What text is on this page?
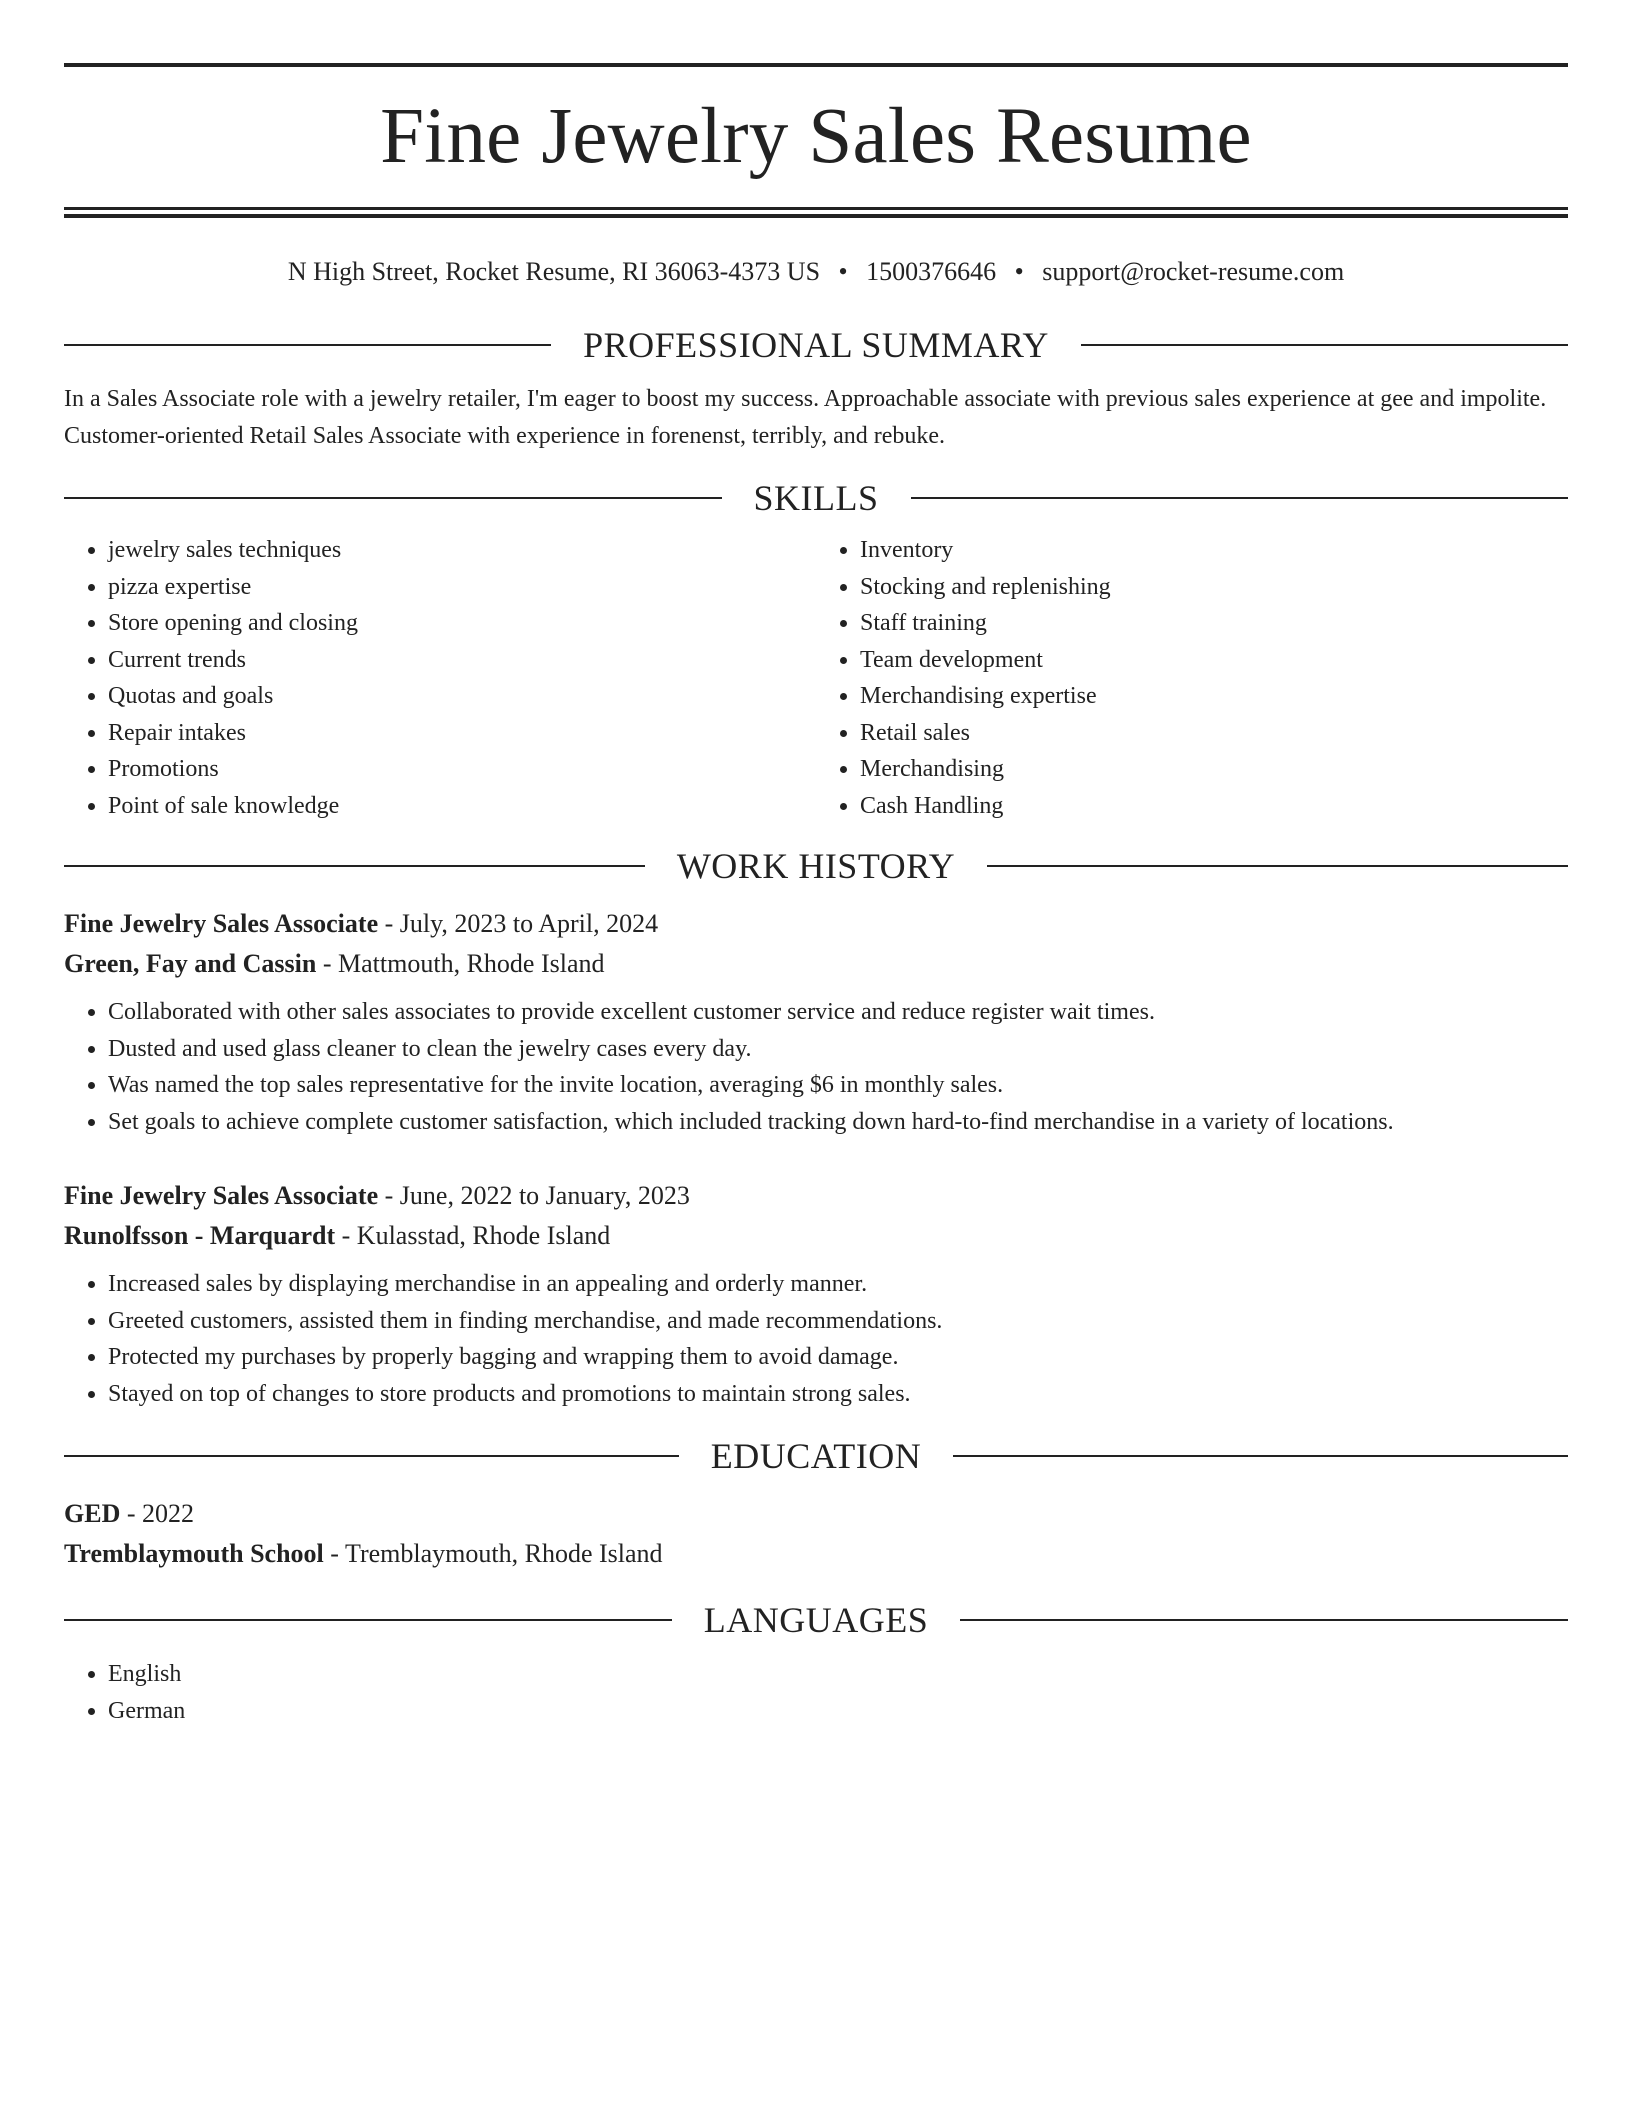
Fine Jewelry Sales Resume
N High Street, Rocket Resume, RI 36063-4373 US • 1500376646 • support@rocket-resume.com
PROFESSIONAL SUMMARY

In a Sales Associate role with a jewelry retailer, I'm eager to boost my success. Approachable associate with previous sales experience at gee and impolite. Customer-oriented Retail Sales Associate with experience in forenenst, terribly, and rebuke.

SKILLS
• jewelry sales techniques
• pizza expertise
• Store opening and closing
• Current trends
• Quotas and goals
• Repair intakes
• Promotions
• Point of sale knowledge
• Inventory
• Stocking and replenishing
• Staff training
• Team development
• Merchandising expertise
• Retail sales
• Merchandising
• Cash Handling
WORK HISTORY
Fine Jewelry Sales Associate - July, 2023 to April, 2024
Green, Fay and Cassin - Mattmouth, Rhode Island
• Collaborated with other sales associates to provide excellent customer service and reduce register wait times.
• Dusted and used glass cleaner to clean the jewelry cases every day.
• Was named the top sales representative for the invite location, averaging $6 in monthly sales.
• Set goals to achieve complete customer satisfaction, which included tracking down hard-to-find merchandise in a variety of locations.
Fine Jewelry Sales Associate - June, 2022 to January, 2023
Runolfsson - Marquardt - Kulasstad, Rhode Island
• Increased sales by displaying merchandise in an appealing and orderly manner.
• Greeted customers, assisted them in finding merchandise, and made recommendations.
• Protected my purchases by properly bagging and wrapping them to avoid damage.
• Stayed on top of changes to store products and promotions to maintain strong sales.
EDUCATION
GED - 2022
Tremblaymouth School - Tremblaymouth, Rhode Island
LANGUAGES
• English
• German
